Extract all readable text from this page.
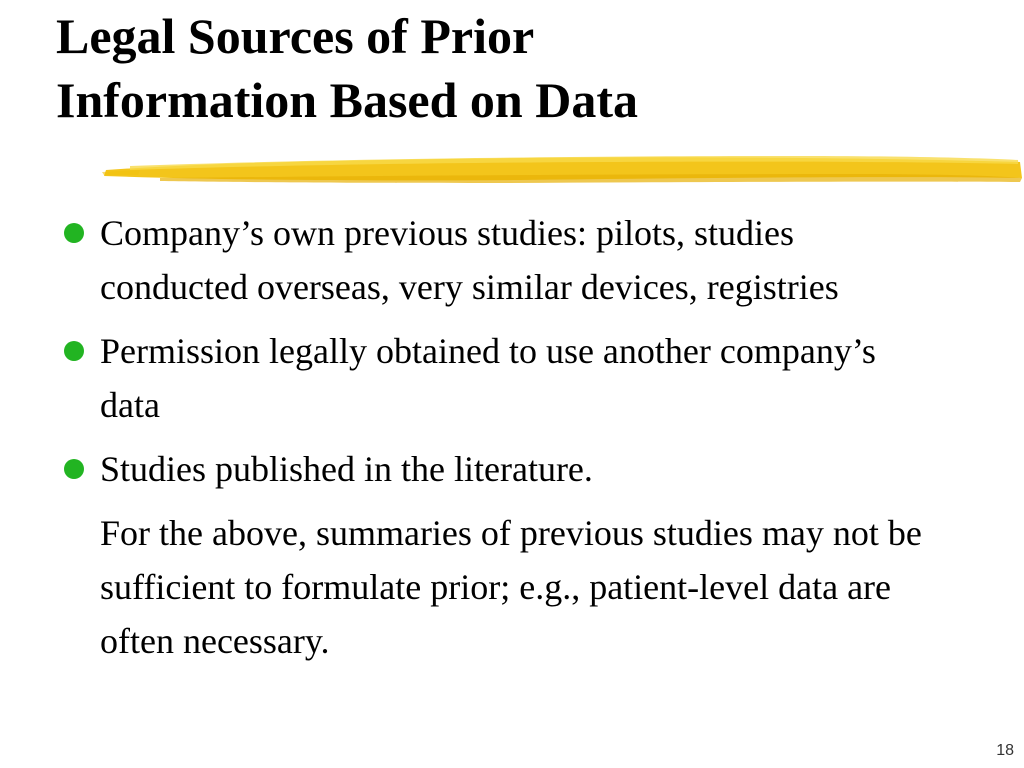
Legal Sources of Prior
Information Based on Data
Company’s own previous studies: pilots, studies conducted overseas, very similar devices, registries
Permission legally obtained to use another company’s data
Studies published in the literature.
For the above, summaries of previous studies may not be sufficient to formulate prior; e.g., patient-level data are often necessary.
18
